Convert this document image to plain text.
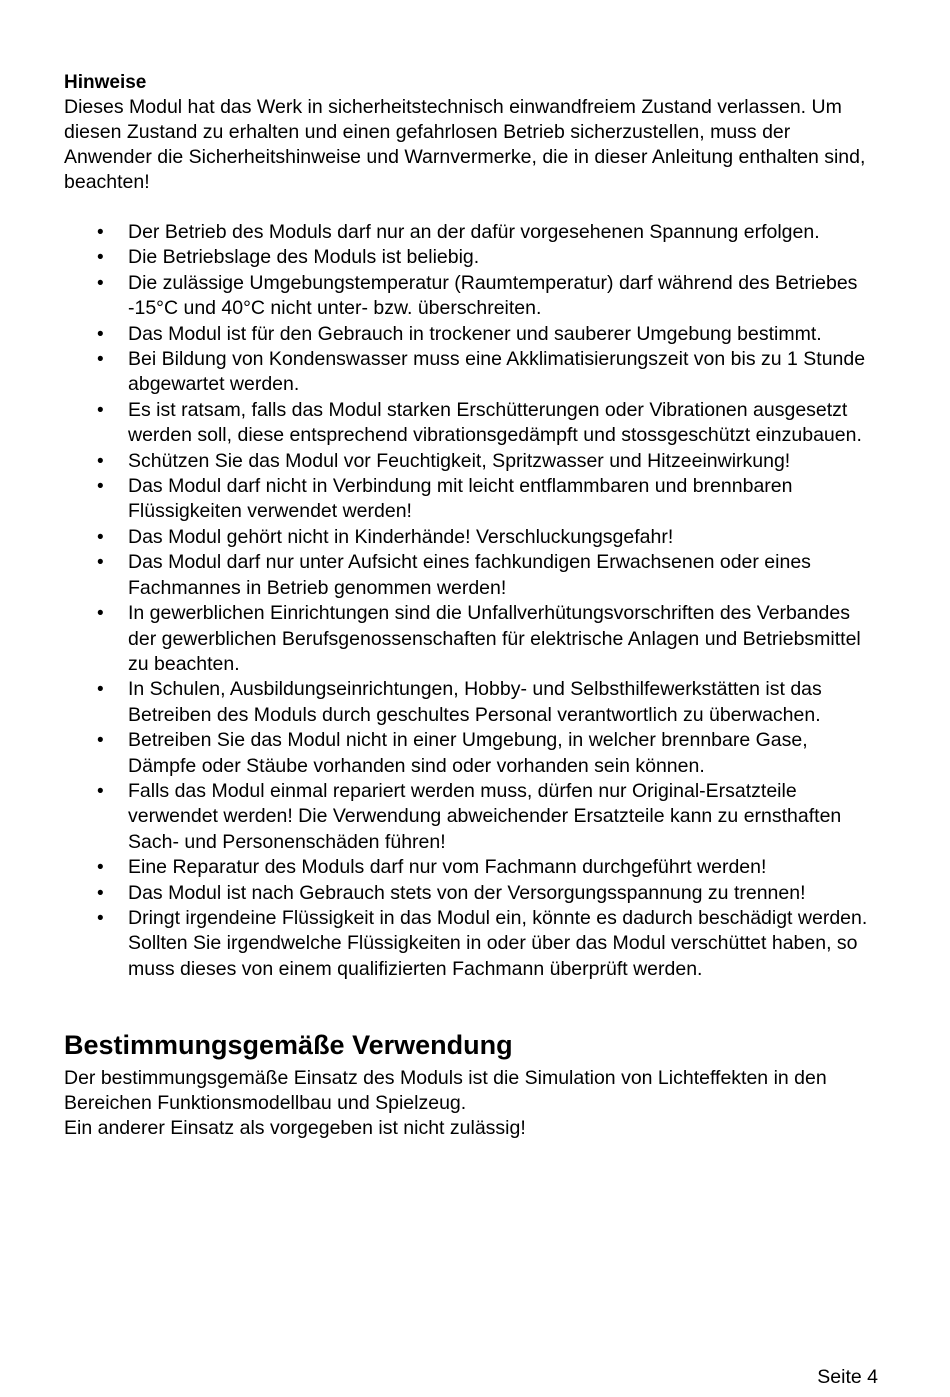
Hinweise

Dieses Modul hat das Werk in sicherheitstechnisch einwandfreiem Zustand verlassen. Um diesen Zustand zu erhalten und einen gefahrlosen Betrieb sicherzustellen, muss der Anwender die Sicherheitshinweise und Warnvermerke, die in dieser Anleitung enthalten sind, beachten!

• Der Betrieb des Moduls darf nur an der dafür vorgesehenen Spannung erfolgen.
• Die Betriebslage des Moduls ist beliebig.
• Die zulässige Umgebungstemperatur (Raumtemperatur) darf während des Betriebes -15°C und 40°C nicht unter- bzw. überschreiten.
• Das Modul ist für den Gebrauch in trockener und sauberer Umgebung bestimmt.
• Bei Bildung von Kondenswasser muss eine Akklimatisierungszeit von bis zu 1 Stunde abgewartet werden.
• Es ist ratsam, falls das Modul starken Erschütterungen oder Vibrationen ausgesetzt werden soll, diese entsprechend vibrationsgedämpft und stossgeschützt einzubauen.
• Schützen Sie das Modul vor Feuchtigkeit, Spritzwasser und Hitzeeinwirkung!
• Das Modul darf nicht in Verbindung mit leicht entflammbaren und brennbaren Flüssigkeiten verwendet werden!
• Das Modul gehört nicht in Kinderhände! Verschluckungsgefahr!
• Das Modul darf nur unter Aufsicht eines fachkundigen Erwachsenen oder eines Fachmannes in Betrieb genommen werden!
• In gewerblichen Einrichtungen sind die Unfallverhütungsvorschriften des Verbandes der gewerblichen Berufsgenossenschaften für elektrische Anlagen und Betriebsmittel zu beachten.
• In Schulen, Ausbildungseinrichtungen, Hobby- und Selbsthilfewerkstätten ist das Betreiben des Moduls durch geschultes Personal verantwortlich zu überwachen.
• Betreiben Sie das Modul nicht in einer Umgebung, in welcher brennbare Gase, Dämpfe oder Stäube vorhanden sind oder vorhanden sein können.
• Falls das Modul einmal repariert werden muss, dürfen nur Original-Ersatzteile verwendet werden! Die Verwendung abweichender Ersatzteile kann zu ernsthaften Sach- und Personenschäden führen!
• Eine Reparatur des Moduls darf nur vom Fachmann durchgeführt werden!
• Das Modul ist nach Gebrauch stets von der Versorgungsspannung zu trennen!
• Dringt irgendeine Flüssigkeit in das Modul ein, könnte es dadurch beschädigt werden. Sollten Sie irgendwelche Flüssigkeiten in oder über das Modul verschüttet haben, so muss dieses von einem qualifizierten Fachmann überprüft werden.
Bestimmungsgemäße Verwendung

Der bestimmungsgemäße Einsatz des Moduls ist die Simulation von Lichteffekten in den Bereichen Funktionsmodellbau und Spielzeug.

Ein anderer Einsatz als vorgegeben ist nicht zulässig!

Seite 4
